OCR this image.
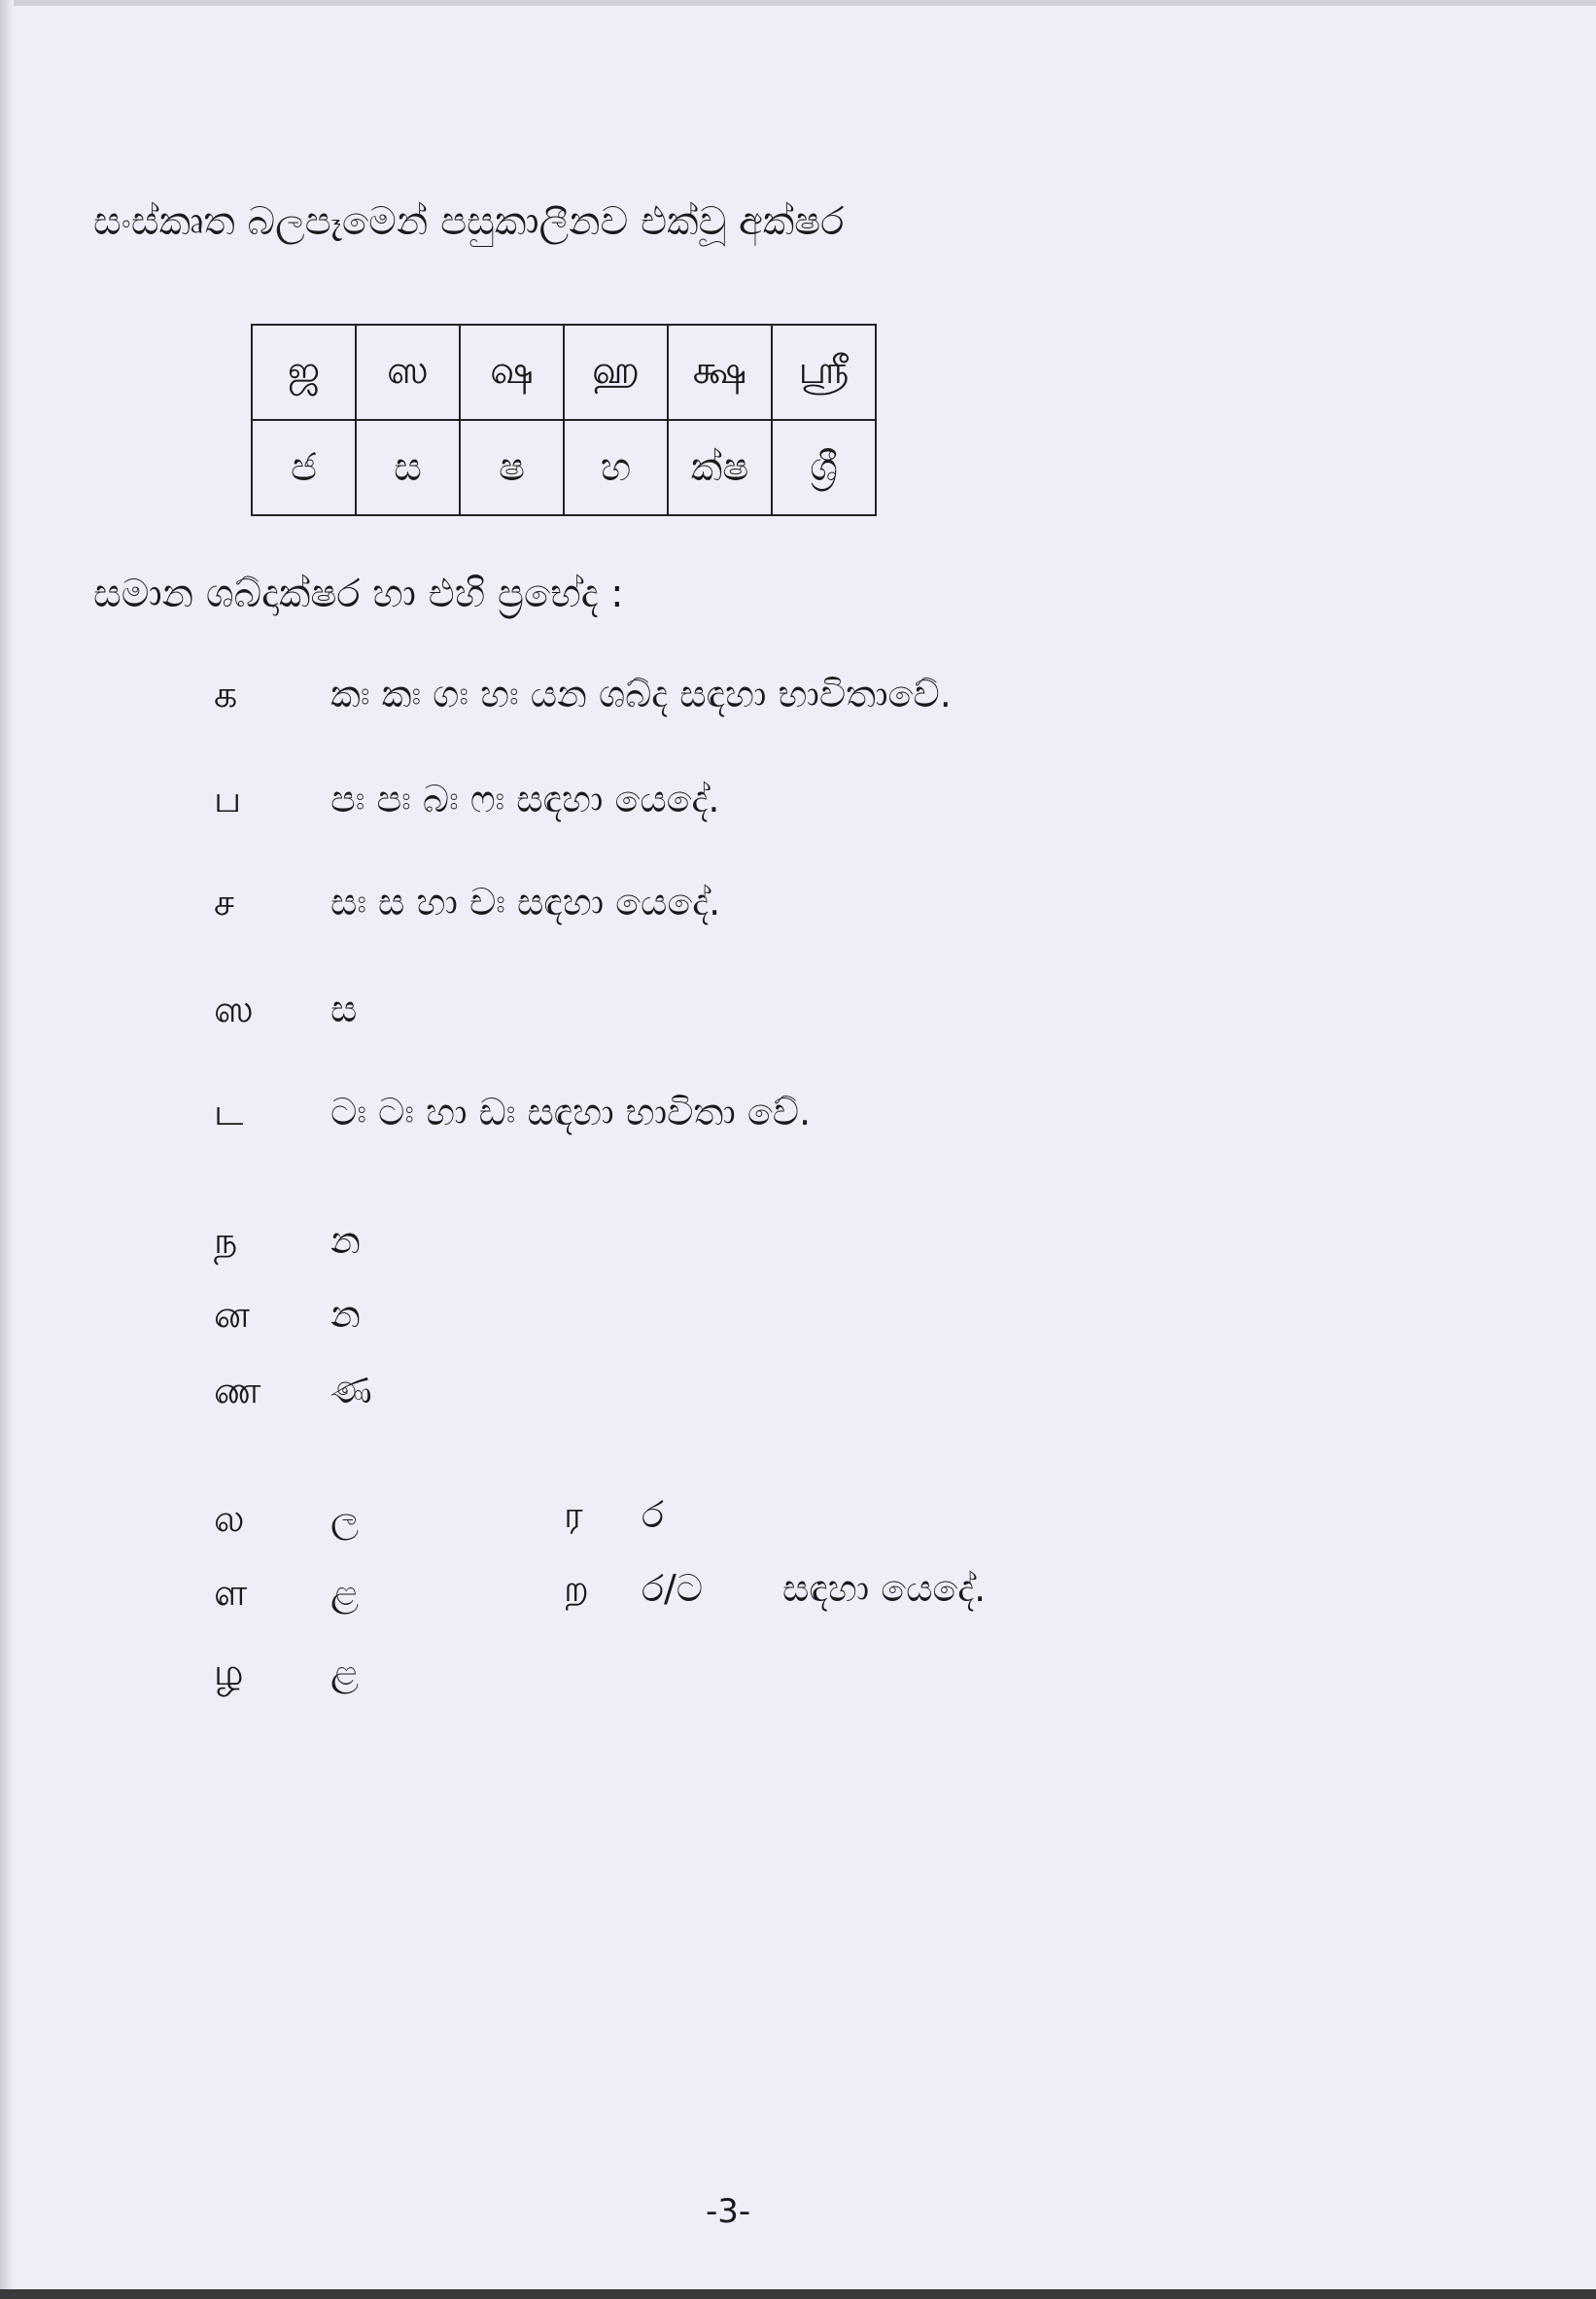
සංස්කෘත බලපෑමෙන් පසුකාලීනව එක්වූ අක්ෂර
ஜ	ஸ	ஷ	ஹ	க்ஷ	ஸ்ரீ
ජ	ස	ෂ	හ	ක්ෂ	ශ්‍රී
සමාන ශබ්දාක්ෂර හා එහි ප්‍රභේද :
க	කඃ කඃ ගඃ හඃ යන ශබ්ද සඳහා භාවිතාවේ.
ப පඃ පඃ බඃ ෆඃ සඳහා යෙදේ.
ச	සඃ ස හා චඃ සඳහා යෙදේ.
ஸ ස
ட ටඃ ටඃ හා ඩඃ සඳහා භාවිතා වේ.
ந	න
ன න
ண ණ
ல ල
ள ළ
ழ ළ
ர ර
ற ර/ට සඳහා යෙදේ.
-3-
